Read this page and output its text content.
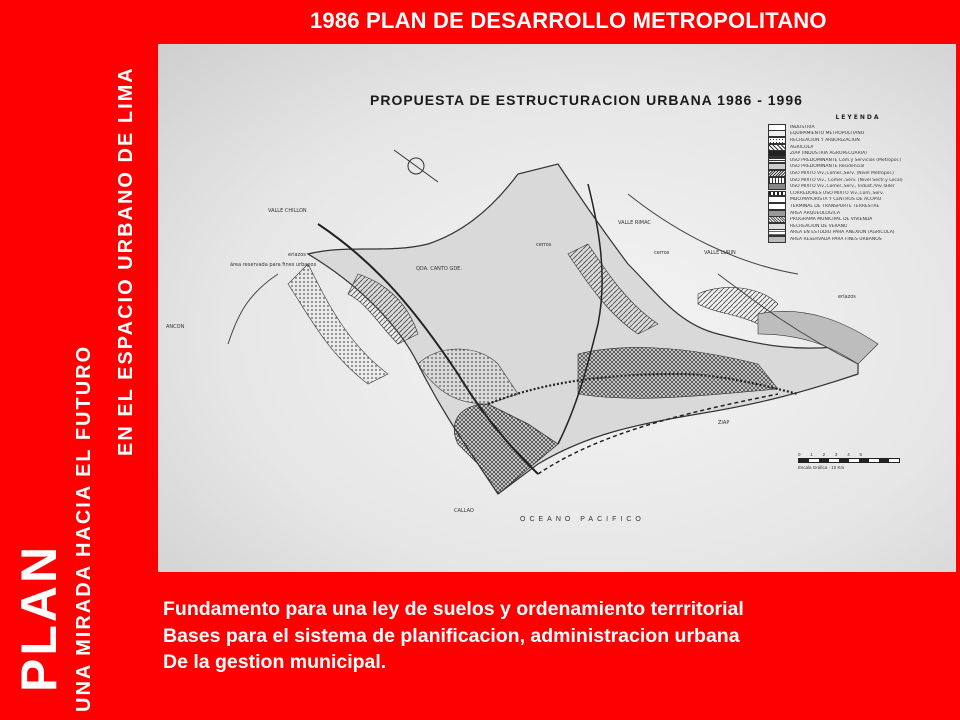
1986 PLAN DE DESARROLLO METROPOLITANO
PLAN UNA MIRADA HACIA EL FUTURO
EN EL ESPACIO URBANO DE LIMA	PROPUESTA DE ESTRUCTURACION URBANA 1986 - 1996
LEYENDA
INDUSTRIA
EQUIPAMIENTO METROPOLITANO
RECREACION Y ARBORIZACION
AGRICOLA
ZIAP (INDUSTRIA AGROPECUARIA)
USO PREDOMINANTE Com.y Servicios (Metropol.)
USO PREDOMINANTE Residencial
USO MIXTO Viv.,Comer.,Serv. (Nivel Metropol.)
USO MIXTO Viv., Comer.,Serv. (Nivel Sectr.y Local)
USO MIXTO Viv.,Comer.,Serv., Indust./Viv.Taller
CORREDORES USO MIXTO Viv.,Com.,Serv.
MDO.MAYORISTA Y CENTROS DE ACOPIO
TERMINAL DE TRANSPORTE TERRESTRE
AREA ARQUEOLOGICA
PROGRAMA MUNICIPAL DE VIVIENDA
RECREACION DE VERANO
AREA EN ESTUDIO PARA ANEXION (AGRICOLA)
AREA RESERVADA PARA FINES URBANOS
VALLE CHILLON
VALLE RIMAC
VALLE LURIN
QDA. CANTO GDE.
ANCON
CALLAO
área reservada para fines urbanos
eriazos
eriazos
cerros
cerros
ZIAP
OCEANO PACIFICO
0 1 2 3 4 5
Escala Gráfica · 10 Km
Fundamento para una ley de suelos y ordenamiento terrritorial
Bases para el sistema de planificacion, administracion urbana
De la gestion municipal.
